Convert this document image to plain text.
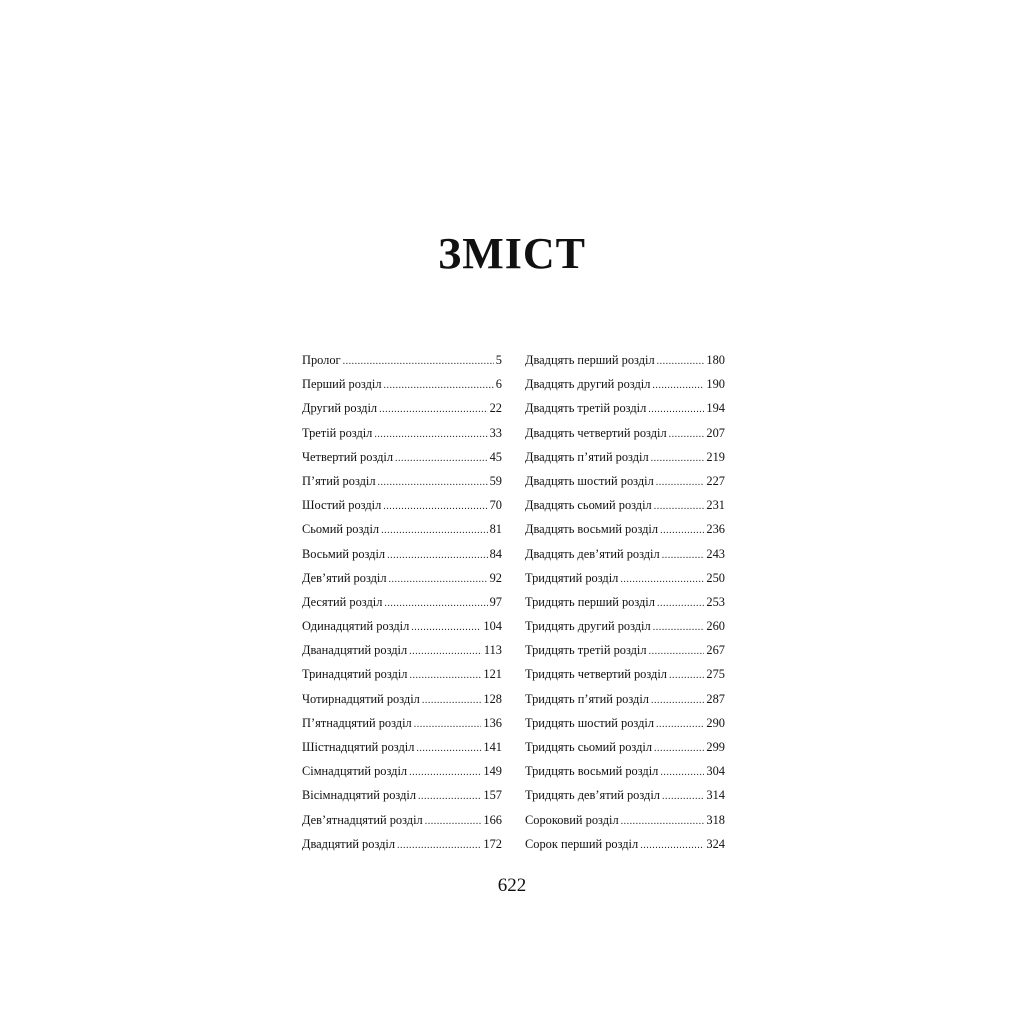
ЗМІСТ
Пролог .....	5
Перший розділ .....	6
Другий розділ .....	22
Третій розділ .....	33
Четвертий розділ .....	45
П’ятий розділ .....	59
Шостий розділ .....	70
Сьомий розділ .....	81
Восьмий розділ .....	84
Дев’ятий розділ .....	92
Десятий розділ .....	97
Одинадцятий розділ .....	104
Дванадцятий розділ .....	113
Тринадцятий розділ .....	121
Чотирнадцятий розділ .....	128
П’ятнадцятий розділ .....	136
Шістнадцятий розділ .....	141
Сімнадцятий розділ .....	149
Вісімнадцятий розділ .....	157
Дев’ятнадцятий розділ .....	166
Двадцятий розділ .....	172
Двадцять перший розділ .....	180
Двадцять другий розділ .....	190
Двадцять третій розділ .....	194
Двадцять четвертий розділ .....	207
Двадцять п’ятий розділ .....	219
Двадцять шостий розділ .....	227
Двадцять сьомий розділ .....	231
Двадцять восьмий розділ .....	236
Двадцять дев’ятий розділ .....	243
Тридцятий розділ .....	250
Тридцять перший розділ .....	253
Тридцять другий розділ .....	260
Тридцять третій розділ .....	267
Тридцять четвертий розділ .....	275
Тридцять п’ятий розділ .....	287
Тридцять шостий розділ .....	290
Тридцять сьомий розділ .....	299
Тридцять восьмий розділ .....	304
Тридцять дев’ятий розділ .....	314
Сороковий розділ .....	318
Сорок перший розділ .....	324
622
